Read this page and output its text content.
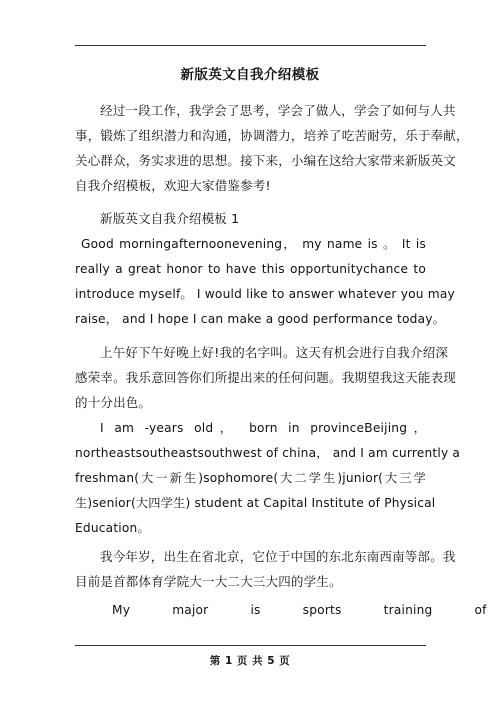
新版英文自我介绍模板

经过一段工作，我学会了思考，学会了做人，学会了如何与人共
事，锻炼了组织潜力和沟通，协调潜力，培养了吃苦耐劳，乐于奉献，
关心群众，务实求进的思想。接下来，小编在这给大家带来新版英文
自我介绍模板，欢迎大家借鉴参考!

新版英文自我介绍模板 1

Good morningafternoonevening， my name is 。 It is
really a great honor to have this opportunitychance to
introduce myself。 I would like to answer whatever you may
raise， and I hope I can make a good performance today。

上午好下午好晚上好!我的名字叫。这天有机会进行自我介绍深
感荣幸。我乐意回答你们所提出来的任何问题。我期望我这天能表现
的十分出色。

I am -years old， born in provinceBeijing，
northeastsoutheastsouthwest of china， and I am currently a
freshman(大一新生)sophomore(大二学生)junior(大三学
生)senior(大四学生) student at Capital Institute of Physical
Education。

我今年岁，出生在省北京，它位于中国的东北东南西南等部。我
目前是首都体育学院大一大二大三大四的学生。

My major is sports training of

第 1 页 共 5 页
